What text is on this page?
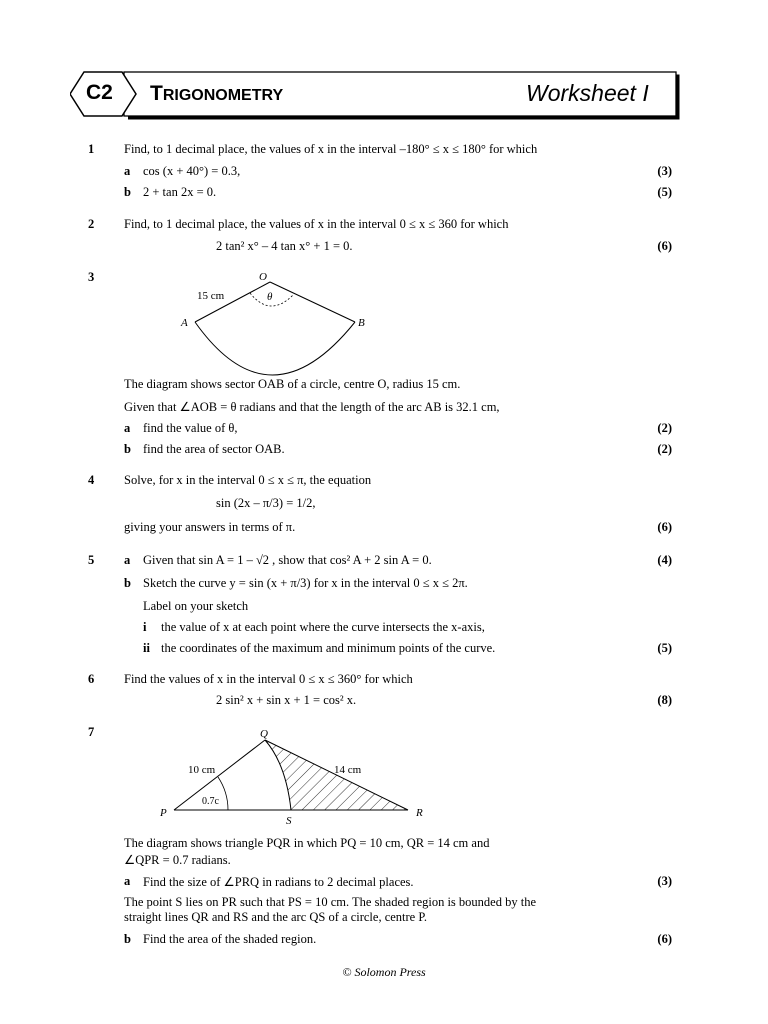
C2 TRIGONOMETRY	Worksheet I
1 Find, to 1 decimal place, the values of x in the interval –180° ≤ x ≤ 180° for which
a cos (x + 40°) = 0.3,	(3)
b 2 + tan 2x = 0.	(5)
2 Find, to 1 decimal place, the values of x in the interval 0 ≤ x ≤ 360 for which
2 tan² x° – 4 tan x° + 1 = 0.	(6)
3	O
A	B
θ
15 cm
The diagram shows sector OAB of a circle, centre O, radius 15 cm.
Given that ∠AOB = θ radians and that the length of the arc AB is 32.1 cm,
a find the value of θ,	(2)
b find the area of sector OAB.	(2)
4 Solve, for x in the interval 0 ≤ x ≤ π, the equation
sin (2x – π/3) = 1/2,
giving your answers in terms of π.	(6)
5 a Given that sin A = 1 – √2 , show that cos² A + 2 sin A = 0.	(4)
b Sketch the curve y = sin (x + π/3) for x in the interval 0 ≤ x ≤ 2π.
Label on your sketch
i the value of x at each point where the curve intersects the x-axis,
ii the coordinates of the maximum and minimum points of the curve.	(5)
6 Find the values of x in the interval 0 ≤ x ≤ 360° for which
2 sin² x + sin x + 1 = cos² x.	(8)
7	Q
P	R
S
10 cm	14 cm
0.7c
The diagram shows triangle PQR in which PQ = 10 cm, QR = 14 cm and
∠QPR = 0.7 radians.
a Find the size of ∠PRQ in radians to 2 decimal places.	(3)
The point S lies on PR such that PS = 10 cm. The shaded region is bounded by the
straight lines QR and RS and the arc QS of a circle, centre P.
b Find the area of the shaded region.	(6)
© Solomon Press
